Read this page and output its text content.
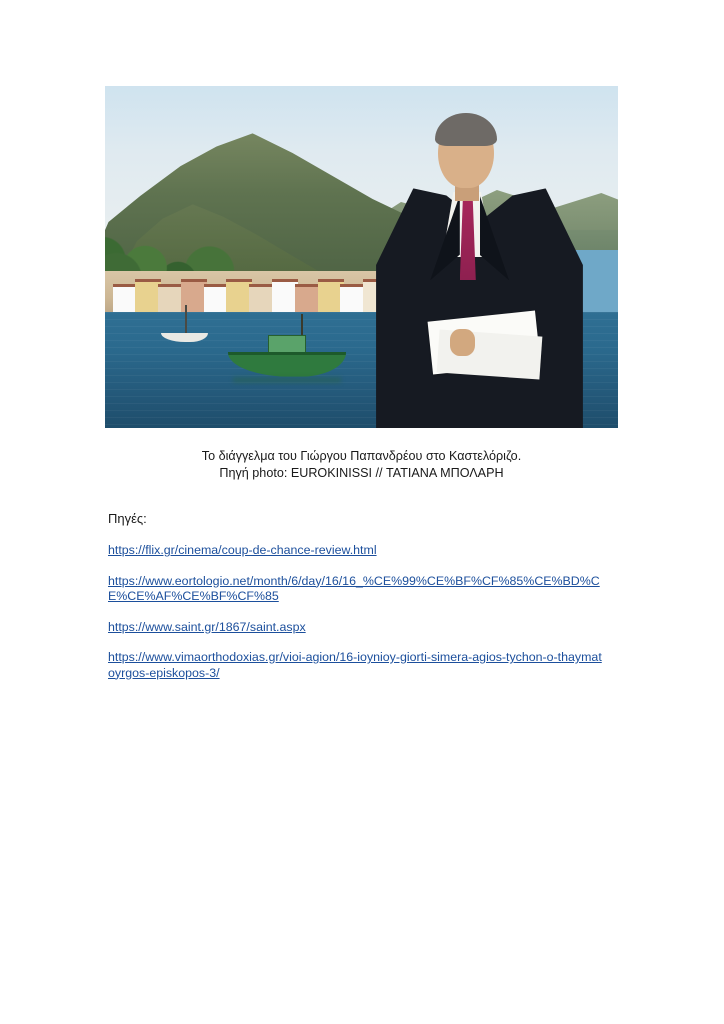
Το διάγγελμα του Γιώργου Παπανδρέου στο Καστελόριζο.
Πηγή photo: EUROKINISSI // ΤΑΤΙΑΝΑ ΜΠΟΛΑΡΗ
Πηγές:
https://flix.gr/cinema/coup-de-chance-review.html
https://www.eortologio.net/month/6/day/16/16_%CE%99%CE%BF%CF%85%CE%BD%CE%CE%AF%CE%BF%CF%85
https://www.saint.gr/1867/saint.aspx
https://www.vimaorthodoxias.gr/vioi-agion/16-ioynioy-giorti-simera-agios-tychon-o-thaymatoyrgos-episkopos-3/
